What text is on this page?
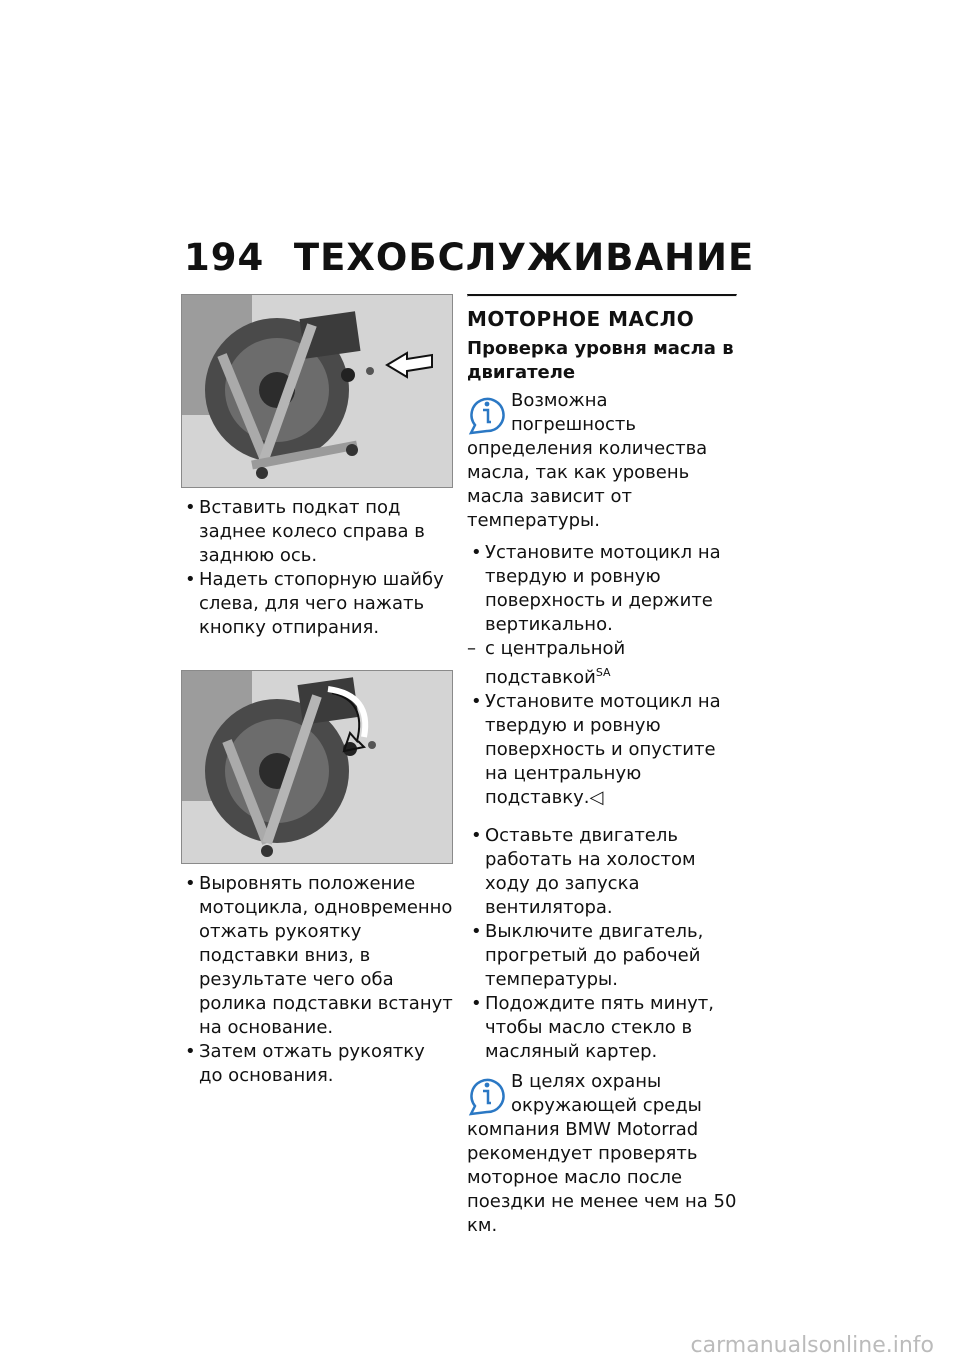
194 ТЕХОБСЛУЖИВАНИЕ
• Вставить подкат под заднее колесо справа в заднюю ось.
• Надеть стопорную шайбу слева, для чего нажать кнопку отпирания.
• Выровнять положение мотоцикла, одновременно отжать рукоятку подставки вниз, в результате чего оба ролика подставки встанут на основание.
• Затем отжать рукоятку до основания.
МОТОРНОЕ МАСЛО
Проверка уровня масла в двигателе
Возможна погрешность определения количества масла, так как уровень масла зависит от температуры.
• Установите мотоцикл на твердую и ровную поверхность и держите вертикально.
– с центральной подставкой$^{SA}$
• Установите мотоцикл на твердую и ровную поверхность и опустите на центральную подставку.◁
• Оставьте двигатель работать на холостом ходу до запуска вентилятора.
• Выключите двигатель, прогретый до рабочей температуры.
• Подождите пять минут, чтобы масло стекло в масляный картер.
В целях охраны окружающей среды компания BMW Motorrad рекомендует проверять моторное масло после поездки не менее чем на 50 км.
carmanualsonline.info
